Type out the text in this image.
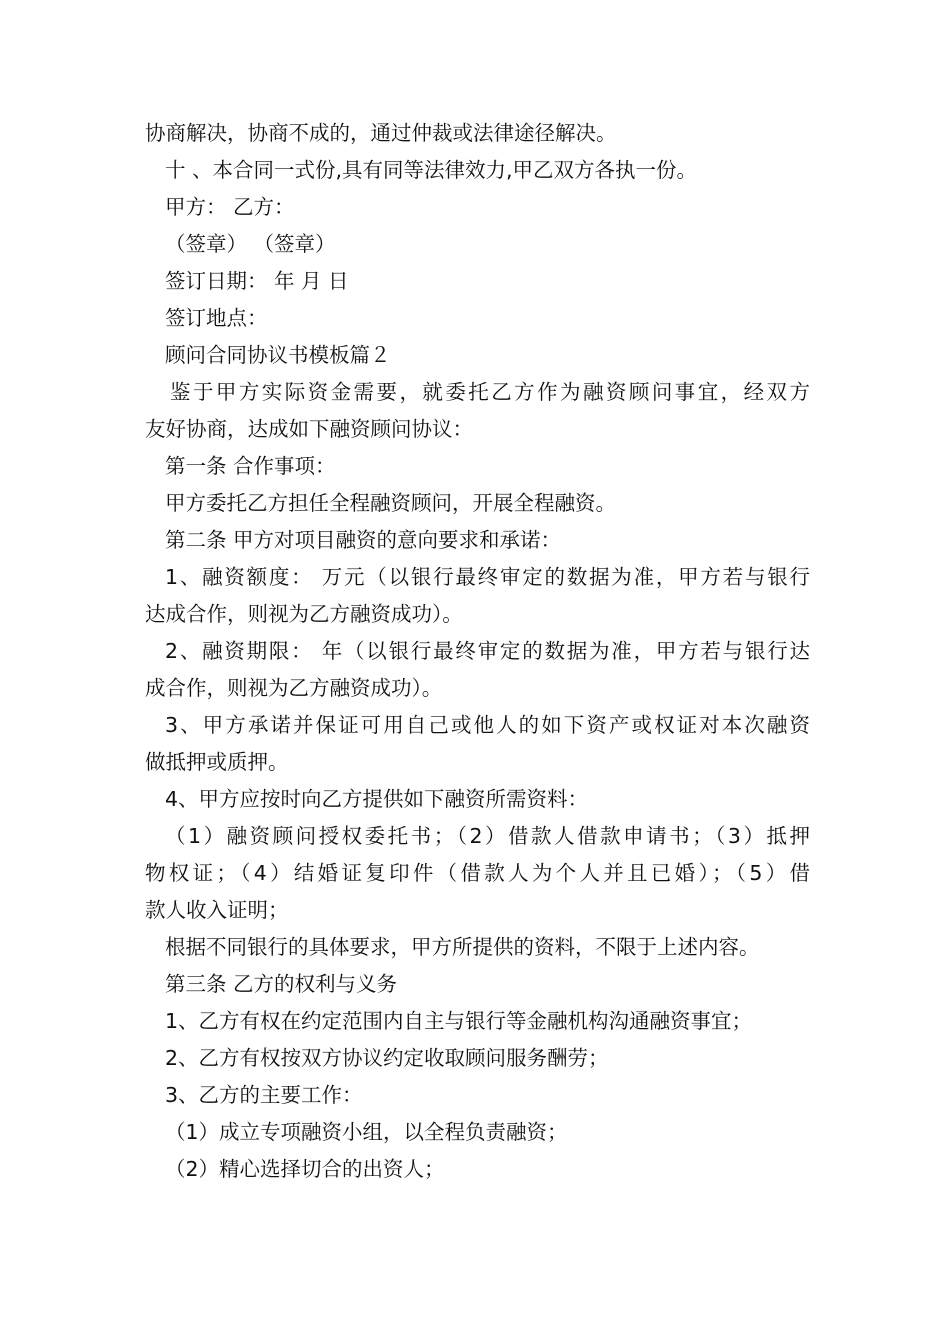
协商解决，协商不成的，通过仲裁或法律途径解决。
十 、本合同一式份,具有同等法律效力,甲乙双方各执一份。
甲方： 乙方：
（签章） （签章）
签订日期： 年 月 日
签订地点：
顾问合同协议书模板篇２
鉴于甲方实际资金需要，就委托乙方作为融资顾问事宜，经双方
友好协商，达成如下融资顾问协议：
第一条 合作事项：
甲方委托乙方担任全程融资顾问，开展全程融资。
第二条 甲方对项目融资的意向要求和承诺：
1、融资额度： 万元（以银行最终审定的数据为准，甲方若与银行
达成合作，则视为乙方融资成功）。
2、融资期限： 年（以银行最终审定的数据为准，甲方若与银行达
成合作，则视为乙方融资成功）。
3、甲方承诺并保证可用自己或他人的如下资产或权证对本次融资
做抵押或质押。
4、甲方应按时向乙方提供如下融资所需资料：
（1）融资顾问授权委托书；（2）借款人借款申请书；（3）抵押
物权证；（4）结婚证复印件（借款人为个人并且已婚）；（5）借
款人收入证明；
根据不同银行的具体要求，甲方所提供的资料，不限于上述内容。
第三条 乙方的权利与义务
1、乙方有权在约定范围内自主与银行等金融机构沟通融资事宜；
2、乙方有权按双方协议约定收取顾问服务酬劳；
3、乙方的主要工作：
（1）成立专项融资小组，以全程负责融资；
（2）精心选择切合的出资人；
